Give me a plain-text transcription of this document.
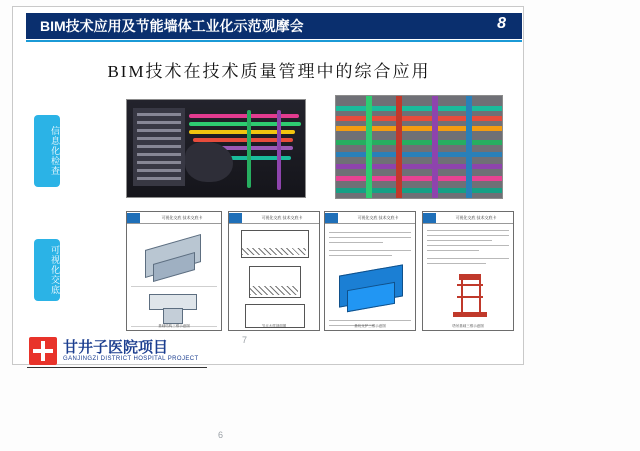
BIM技术应用及节能墙体工业化示范观摩会	8
BIM技术在技术质量管理中的综合应用
信息化检查
可视化交底
可视化交底 技术交底卡
基础结构三维示意图
可视化交底 技术交底卡
节点大样剖面图
可视化交底 技术交底卡
基坑支护三维示意图
可视化交底 技术交底卡
塔吊基础三维示意图
甘井子医院项目
GANJINGZI DISTRICT HOSPITAL PROJECT
7
6
